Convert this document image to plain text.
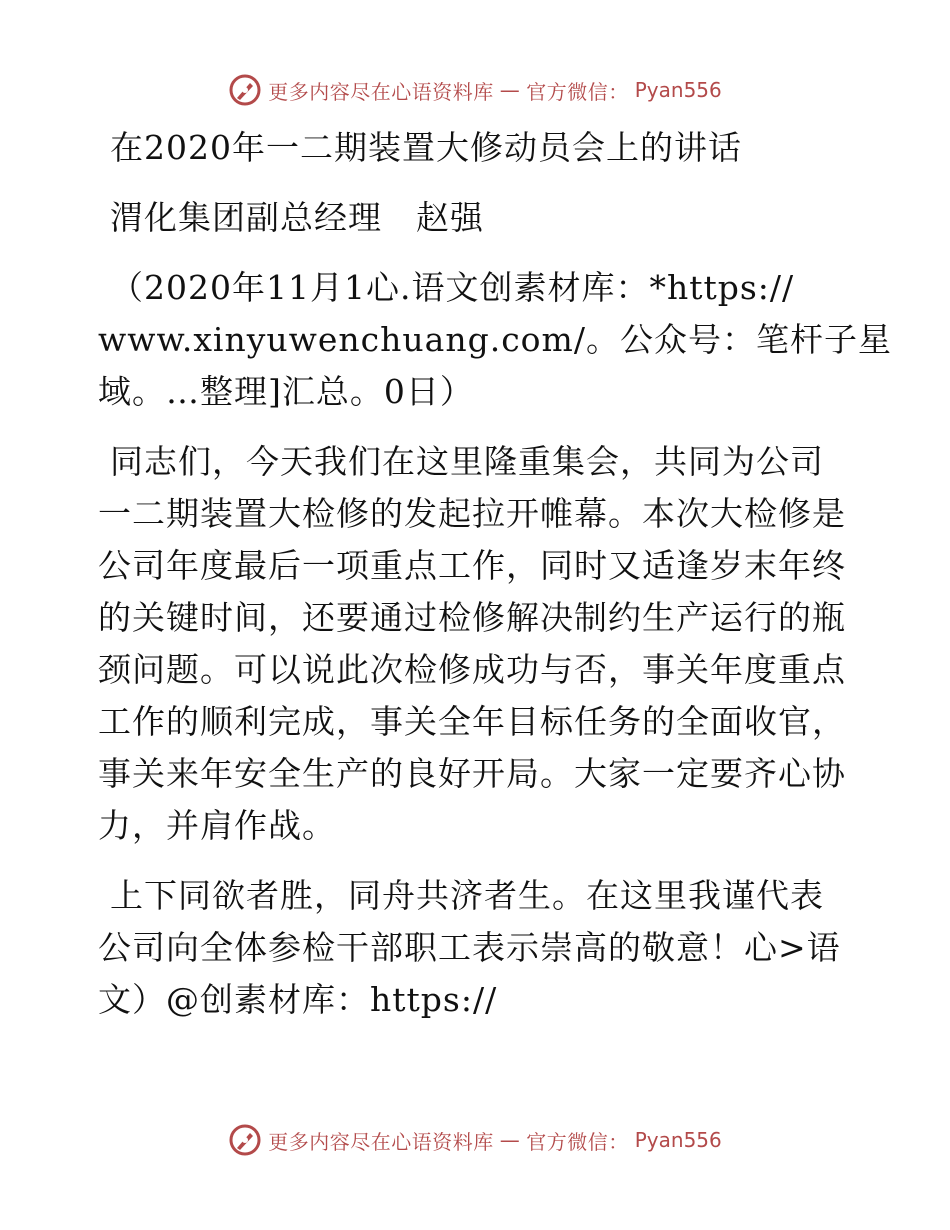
更多内容尽在心语资料库 — 官方微信： Pyan556
在2020年一二期装置大修动员会上的讲话
渭化集团副总经理　赵强
（2020年11月1心.语文创素材库：*https://
www.xinyuwenchuang.com/。公众号：笔杆子星
域。…整理]汇总。0日）
同志们，今天我们在这里隆重集会，共同为公司
一二期装置大检修的发起拉开帷幕。本次大检修是
公司年度最后一项重点工作，同时又适逢岁末年终
的关键时间，还要通过检修解决制约生产运行的瓶
颈问题。可以说此次检修成功与否，事关年度重点
工作的顺利完成，事关全年目标任务的全面收官，
事关来年安全生产的良好开局。大家一定要齐心协
力，并肩作战。
上下同欲者胜，同舟共济者生。在这里我谨代表
公司向全体参检干部职工表示崇高的敬意！心>语
文）@创素材库：https://
更多内容尽在心语资料库 — 官方微信： Pyan556
